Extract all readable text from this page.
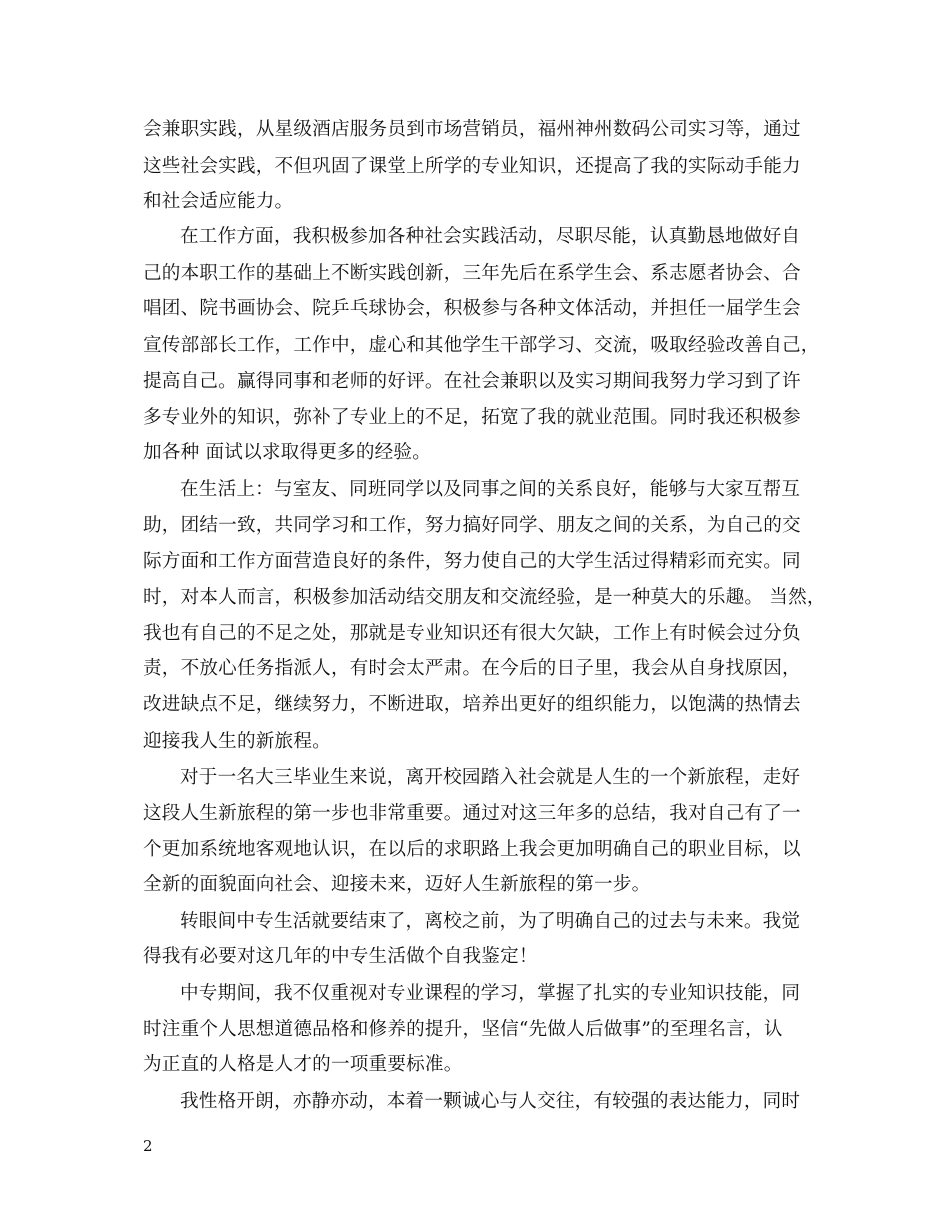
会兼职实践，从星级酒店服务员到市场营销员，福州神州数码公司实习等，通过
这些社会实践，不但巩固了课堂上所学的专业知识，还提高了我的实际动手能力
和社会适应能力。
在工作方面，我积极参加各种社会实践活动，尽职尽能，认真勤恳地做好自
己的本职工作的基础上不断实践创新，三年先后在系学生会、系志愿者协会、合
唱团、院书画协会、院乒乓球协会，积极参与各种文体活动，并担任一届学生会
宣传部部长工作，工作中，虚心和其他学生干部学习、交流，吸取经验改善自己，
提高自己。赢得同事和老师的好评。在社会兼职以及实习期间我努力学习到了许
多专业外的知识，弥补了专业上的不足，拓宽了我的就业范围。同时我还积极参
加各种 面试以求取得更多的经验。
在生活上：与室友、同班同学以及同事之间的关系良好，能够与大家互帮互
助，团结一致，共同学习和工作，努力搞好同学、朋友之间的关系，为自己的交
际方面和工作方面营造良好的条件，努力使自己的大学生活过得精彩而充实。同
时，对本人而言，积极参加活动结交朋友和交流经验，是一种莫大的乐趣。 当然，
我也有自己的不足之处，那就是专业知识还有很大欠缺，工作上有时候会过分负
责，不放心任务指派人，有时会太严肃。在今后的日子里，我会从自身找原因，
改进缺点不足，继续努力，不断进取，培养出更好的组织能力，以饱满的热情去
迎接我人生的新旅程。
对于一名大三毕业生来说，离开校园踏入社会就是人生的一个新旅程，走好
这段人生新旅程的第一步也非常重要。通过对这三年多的总结，我对自己有了一
个更加系统地客观地认识，在以后的求职路上我会更加明确自己的职业目标，以
全新的面貌面向社会、迎接未来，迈好人生新旅程的第一步。
转眼间中专生活就要结束了，离校之前，为了明确自己的过去与未来。我觉
得我有必要对这几年的中专生活做个自我鉴定！
中专期间，我不仅重视对专业课程的学习，掌握了扎实的专业知识技能，同
时注重个人思想道德品格和修养的提升，坚信“先做人后做事”的至理名言，认
为正直的人格是人才的一项重要标准。
我性格开朗，亦静亦动，本着一颗诚心与人交往，有较强的表达能力，同时
2
